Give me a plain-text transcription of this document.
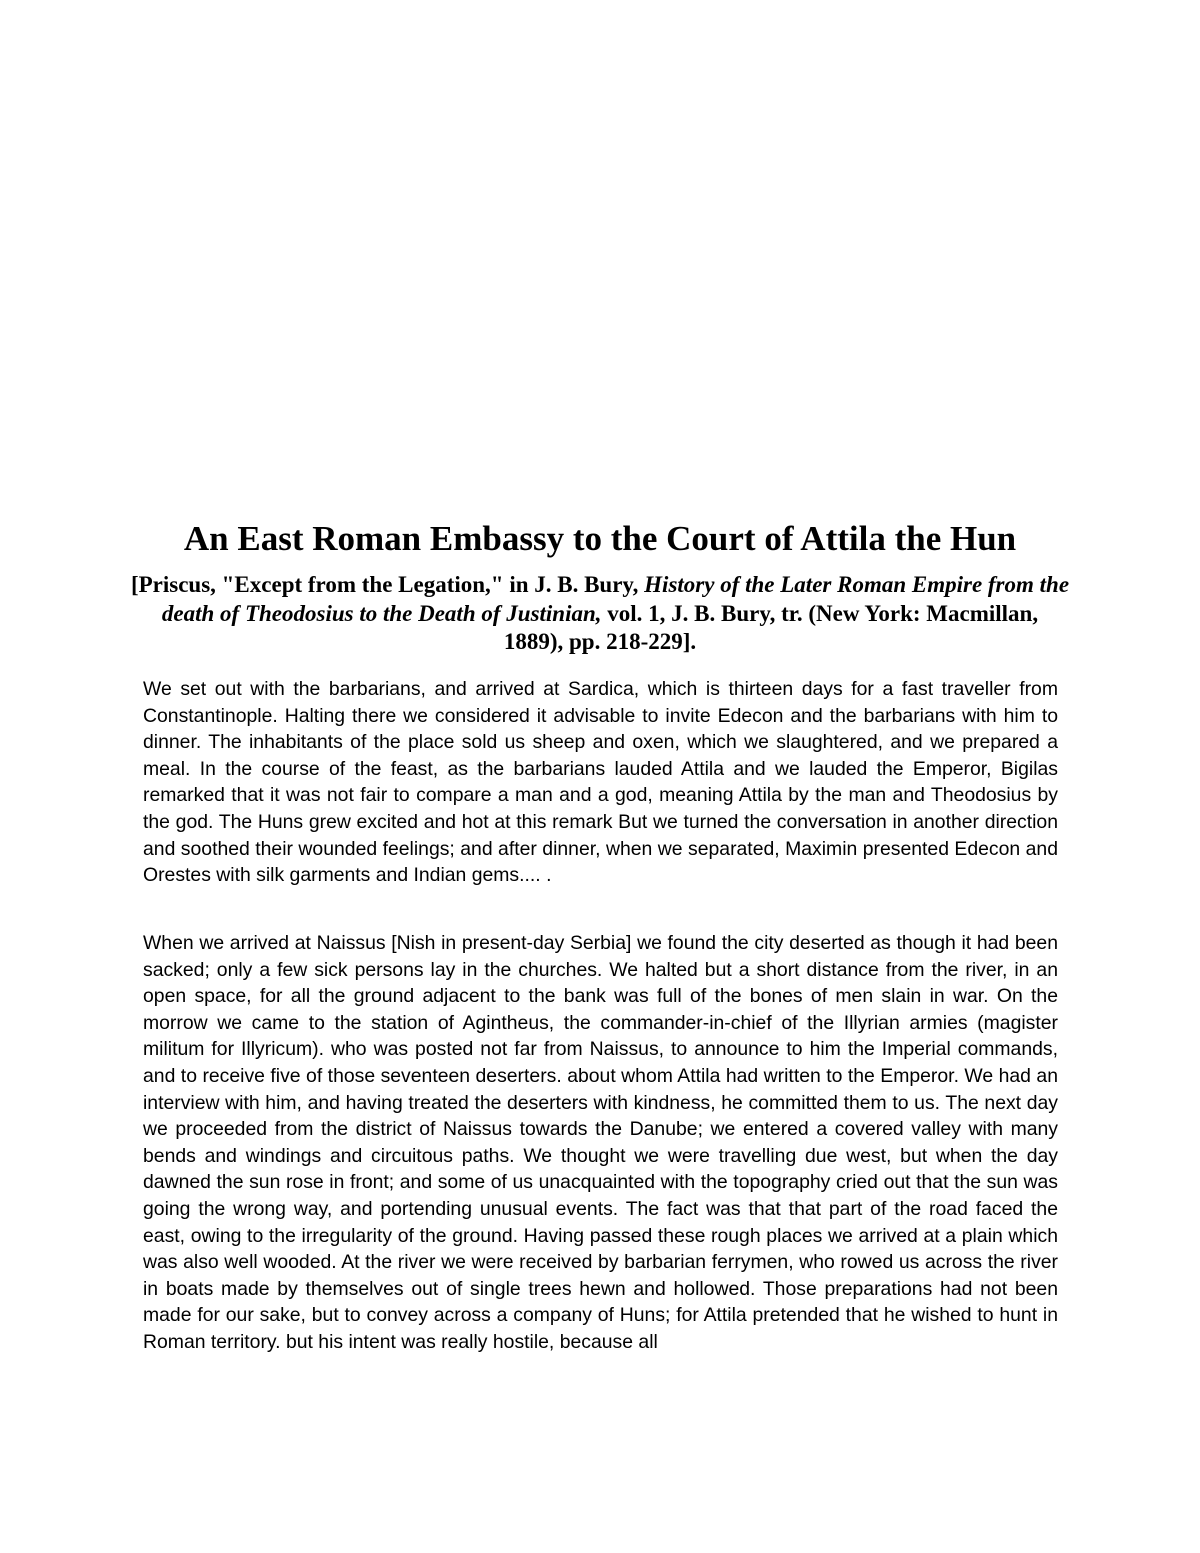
An East Roman Embassy to the Court of Attila the Hun

[Priscus, "Except from the Legation," in J. B. Bury, History of the Later Roman Empire from the death of Theodosius to the Death of Justinian, vol. 1, J. B. Bury, tr. (New York: Macmillan, 1889), pp. 218-229].

We set out with the barbarians, and arrived at Sardica, which is thirteen days for a fast traveller from Constantinople. Halting there we considered it advisable to invite Edecon and the barbarians with him to dinner. The inhabitants of the place sold us sheep and oxen, which we slaughtered, and we prepared a meal. In the course of the feast, as the barbarians lauded Attila and we lauded the Emperor, Bigilas remarked that it was not fair to compare a man and a god, meaning Attila by the man and Theodosius by the god. The Huns grew excited and hot at this remark But we turned the conversation in another direction and soothed their wounded feelings; and after dinner, when we separated, Maximin presented Edecon and Orestes with silk garments and Indian gems.... .

When we arrived at Naissus [Nish in present-day Serbia] we found the city deserted as though it had been sacked; only a few sick persons lay in the churches. We halted but a short distance from the river, in an open space, for all the ground adjacent to the bank was full of the bones of men slain in war. On the morrow we came to the station of Agintheus, the commander-in-chief of the Illyrian armies (magister militum for Illyricum). who was posted not far from Naissus, to announce to him the Imperial commands, and to receive five of those seventeen deserters. about whom Attila had written to the Emperor. We had an interview with him, and having treated the deserters with kindness, he committed them to us. The next day we proceeded from the district of Naissus towards the Danube; we entered a covered valley with many bends and windings and circuitous paths. We thought we were travelling due west, but when the day dawned the sun rose in front; and some of us unacquainted with the topography cried out that the sun was going the wrong way, and portending unusual events. The fact was that that part of the road faced the east, owing to the irregularity of the ground. Having passed these rough places we arrived at a plain which was also well wooded. At the river we were received by barbarian ferrymen, who rowed us across the river in boats made by themselves out of single trees hewn and hollowed. Those preparations had not been made for our sake, but to convey across a company of Huns; for Attila pretended that he wished to hunt in Roman territory. but his intent was really hostile, because all
